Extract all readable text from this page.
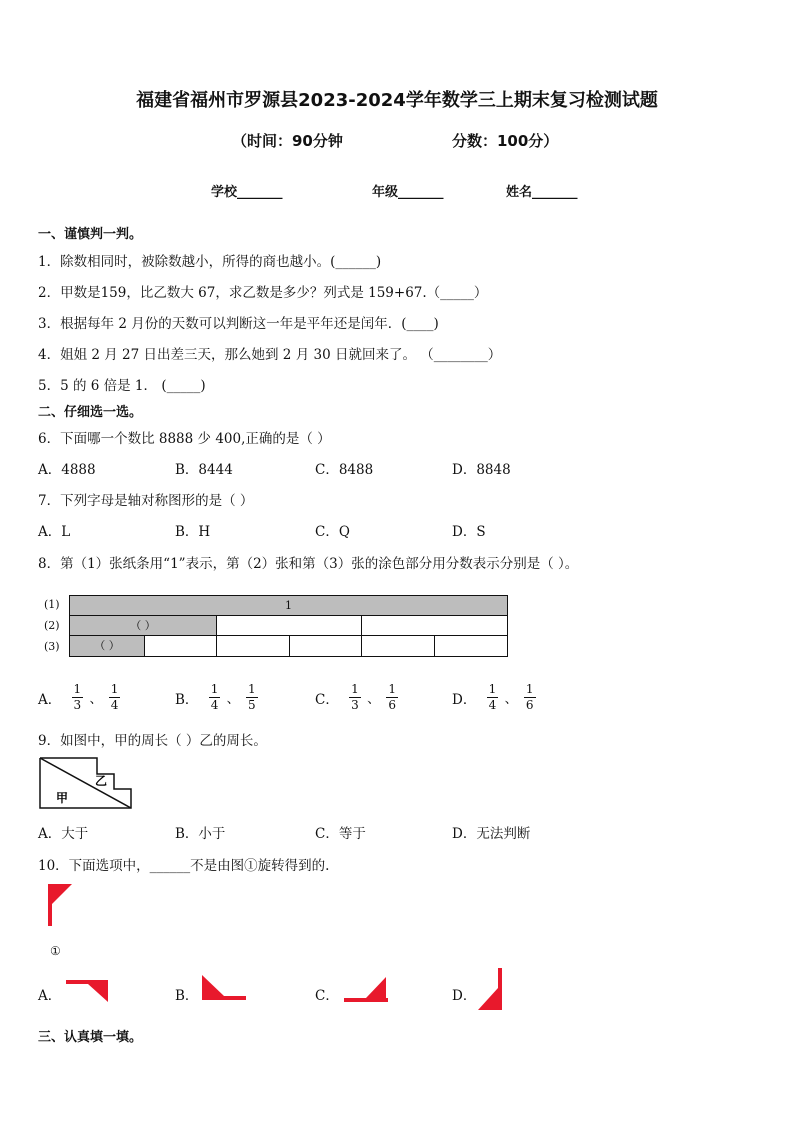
福建省福州市罗源县2023-2024学年数学三上期末复习检测试题
（时间：90分钟	分数：100分）
学校_______	年级_______	姓名_______
一、谨慎判一判。
1．除数相同时，被除数越小，所得的商也越小。(______)
2．甲数是159，比乙数大 67，求乙数是多少？列式是 159+67.（_____）
3．根据每年 2 月份的天数可以判断这一年是平年还是闰年．(____)
4．姐姐 2 月 27 日出差三天，那么她到 2 月 30 日就回来了。 （________）
5．5 的 6 倍是 1． (_____)
二、仔细选一选。
6．下面哪一个数比 8888 少 400,正确的是（ ）
A．4888	B．8444	C．8488	D．8848
7．下列字母是轴对称图形的是（ ）
A．L	B．H	C．Q	D．S
8．第（1）张纸条用“1”表示，第（2）张和第（3）张的涂色部分用分数表示分别是（ ）。
(1)
(2)
(3)
1
（ ）
（ ）
A． $\frac{1}{3}$ 、 $\frac{1}{4}$	B． $\frac{1}{4}$ 、 $\frac{1}{5}$	C． $\frac{1}{3}$ 、 $\frac{1}{6}$	D． $\frac{1}{4}$ 、 $\frac{1}{6}$
9．如图中，甲的周长（ ）乙的周长。
甲
乙
A．大于	B．小于	C．等于	D．无法判断
10．下面选项中，______不是由图①旋转得到的.
①
A．	B．	C．	D．
三、认真填一填。
